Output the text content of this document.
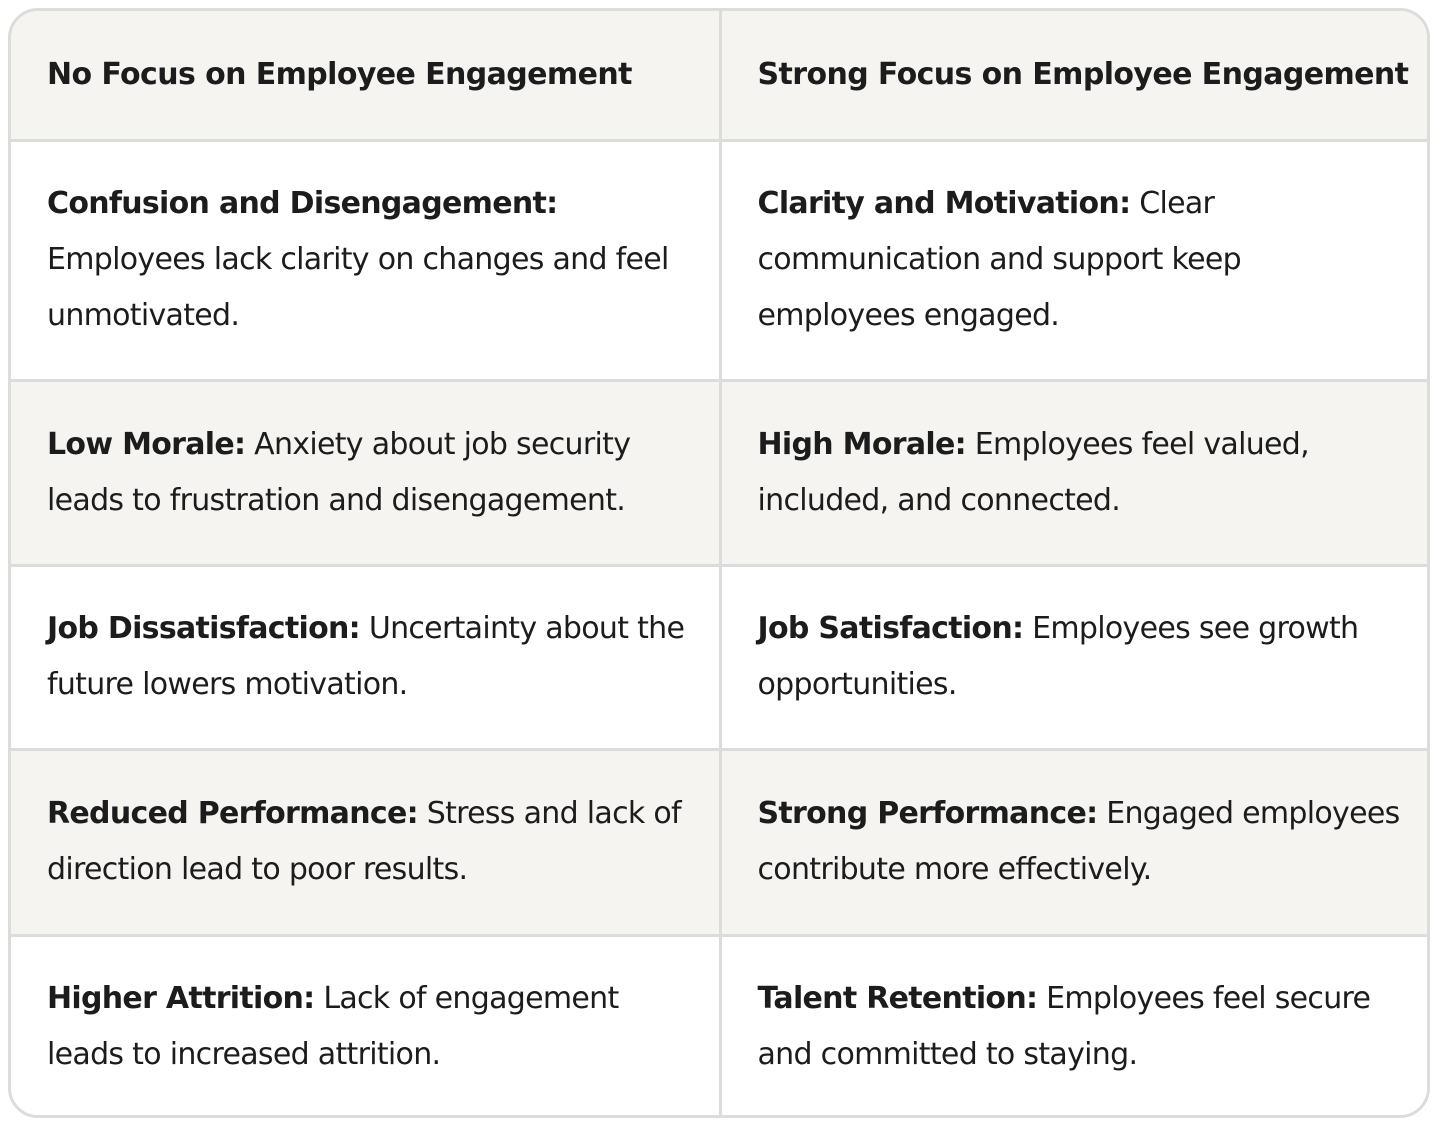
No Focus on Employee Engagement	Strong Focus on Employee Engagement
Confusion and Disengagement: Employees lack clarity on changes and feel unmotivated.	Clarity and Motivation: Clear communication and support keep employees engaged.
Low Morale: Anxiety about job security leads to frustration and disengagement.	High Morale: Employees feel valued, included, and connected.
Job Dissatisfaction: Uncertainty about the future lowers motivation.	Job Satisfaction: Employees see growth opportunities.
Reduced Performance: Stress and lack of direction lead to poor results.	Strong Performance: Engaged employees contribute more effectively.
Higher Attrition: Lack of engagement leads to increased attrition.	Talent Retention: Employees feel secure and committed to staying.
